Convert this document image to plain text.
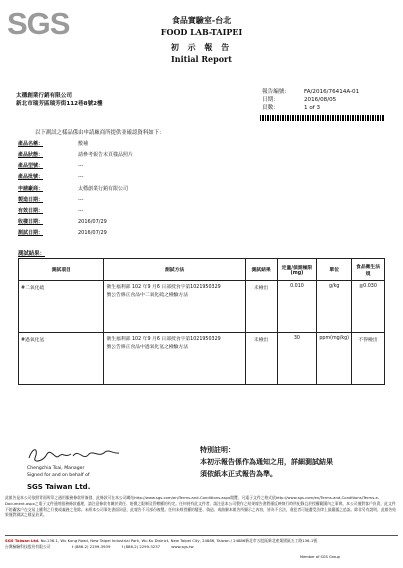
SGS	食品實驗室-台北
FOOD LAB-TAIPEI
初 示 報 告
Initial Report
報告編號：	FA/2016/76414A-01
日期：	2016/08/05
頁數：	1 of 3
太穩創業行銷有限公司
新北市瑞芳區瑞芳街112巷8號2樓
以下測試之樣品係由申請廠商所提供並確認資料如下：
產品名稱：	敷補
產品狀態：	請參考報告末頁樣品照片
產品型號：	---
產品批號：	---
申請廠商：	太穩創業行銷有限公司
製造日期：	---
有效日期：	---
收樣日期：	2016/07/29
測試日期：	2016/07/29
測試結果：
測試項目	測試方法	測試結果	定量/偵測極限(mg)	單位	食品衛生法規
#二氧化硫	衛生福利部 102 年9 月6 日部授食字第1021950329
號公告修正食品中二氧化硫之檢驗方法	未檢出	0.010	g/kg	≦0.030
#過氧化氫	衛生福利部 102 年9 月6 日部授食字第1021950329
號公告修正食品中過氧化氫之檢驗方法	未檢出	30	ppm(mg/kg)	不得檢出
Chengchia Tsai, Manager
Signed for and on behalf of
SGS Taiwan Ltd.
特別註明：
本初示報告係作為通知之用，詳細測試結果
須依紙本正式報告為準。
此報告是本公司依照背面所印之通用服務條款所簽發，此條款可在本公司網站http://www.sgs.com/en/Terms-and-Conditions.aspx閱覽，凡電子文件之格式依http://www.sgs.com/en/Terms-and-Conditions/Terms-e-Document.aspx之電子文件通用服務條款處理，請注意條款有關於責任、賠償之限制及管轄權的約定。任何持有此文件者，請注意本公司製作之結果報告書將僅反映執行時所紀錄且於授權範圍內之事實。本公司僅對客戶負責，此文件不妨礙客戶在交易上權利之行使或義務之免除。未經本公司事先書面同意，此報告不可部份複製。任何未經授權的變更、偽造、或曲解本報告所顯示之內容，皆為不合法，違犯者可能遭受法律上最嚴厲之追訴。除非另有說明，此報告結果僅對測試之樣品負責。
SGS Taiwan Ltd. No.136-1, Wu Kung Road, New Taipei Industrial Park, Wu Ku District, New Taipei City, 24886, Taiwan / 24886新北市五股區新北產業園區五工路136-1號
台灣檢驗科技股份有限公司	t (886-2) 2299-3939	f (886-2) 2299-3237	www.sgs.tw
Member of SGS Group
